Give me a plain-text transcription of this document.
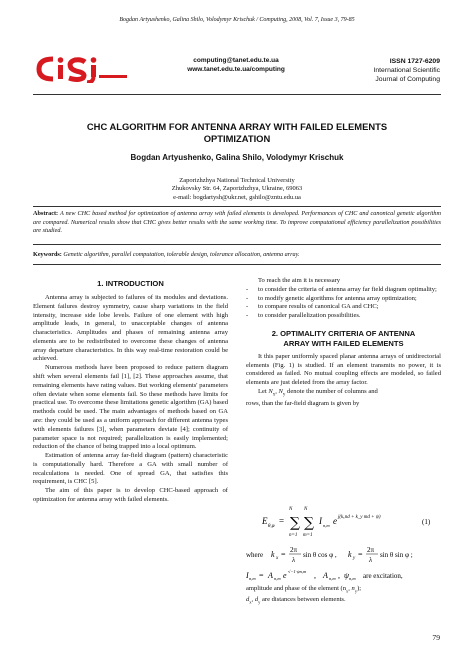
Bogdan Artyushenko, Galina Shilo, Volodymyr Krischuk / Computing, 2008, Vol. 7, Issue 3, 79-85
computing@tanet.edu.te.ua
www.tanet.edu.te.ua/computing
ISSN 1727-6209
International Scientific
Journal of Computing
CHC ALGORITHM FOR ANTENNA ARRAY WITH FAILED ELEMENTS
OPTIMIZATION
Bogdan Artyushenko, Galina Shilo, Volodymyr Krischuk
Zaporizhzhya National Technical University
Zhukovsky Str. 64, Zaporizhzhya, Ukraine, 69063
e-mail: bogdartysh@ukr.net, gshilo@zntu.edu.ua
Abstract: A new CHC based method for optimization of antenna array with failed elements is developed. Performances of CHC and canonical genetic algorithm are compared. Numerical results show that CHC gives better results with the same working time. To improve computational efficiency parallelization possibilities are studied.
Keywords: Genetic algorithm, parallel computation, tolerable design, tolerance allocation, antenna array.
1. INTRODUCTION

Antenna array is subjected to failures of its modules and deviations. Element failures destroy symmetry, cause sharp variations in the field intensity, increase side lobe levels. Failure of one element with high amplitude leads, in general, to unacceptable changes of antenna characteristics. Amplitudes and phases of remaining antenna array elements are to be redistributed to overcome these changes of antenna array departure characteristics. In this way real-time restoration could be achieved.

Numerous methods have been proposed to reduce pattern diagram shift when several elements fail [1], [2]. These approaches assume, that remaining elements have rating values. But working elements' parameters often deviate when some elements fail. So these methods have limits for practical use. To overcome these limitations genetic algorithm (GA) based methods could be used. The main advantages of methods based on GA are: they could be used as a uniform approach for different antenna types with elements failures [3], when parameters deviate [4]; continuity of parameter space is not required; parallelization is easily implemented; reduction of the chance of being trapped into a local optimum.

Estimation of antenna array far-field diagram (pattern) characteristic is computationally hard. Therefore a GA with small number of recalculations is needed. One of spread GA, that satisfies this requirement, is CHC [5].

The aim of this paper is to develop CHC-based approach of optimization for antenna array with failed elements.

To reach the aim it is necessary

- to consider the criteria of antenna array far field diagram optimality;
- to modify genetic algorithms for antenna array optimization;
- to compare results of canonical GA and CHC;
- to consider parallelization possibilities.
2. OPTIMALITY CRITERIA OF ANTENNA
ARRAY WITH FAILED ELEMENTS

It this paper uniformly spaced planar antenna arrays of unidirectorial elements (Fig. 1) is studied. If an element transmits no power, it is considered as failed. No mutual coupling effects are modeled, so failed elements are just deleted from the array factor.

Let $N_x$, $N_y$ denote the number of columns and

rows, than the far-field diagram is given by

E
θ,φ
= ∑
N
n=1
∑
N
m=1
I n,m e j(kₓnd + k_y md + ψ)
(1)
where k x = 2π
λ
sin θ cos φ , k y = 2π
λ
sin θ sin φ ;
I n,m = A n,m e √−1·ψn,m , A n,m , ψ n,m are excitation,

amplitude and phase of the element ($n_x$, $n_y$);

$d_x$, $d_y$ are distances between elements.

79
